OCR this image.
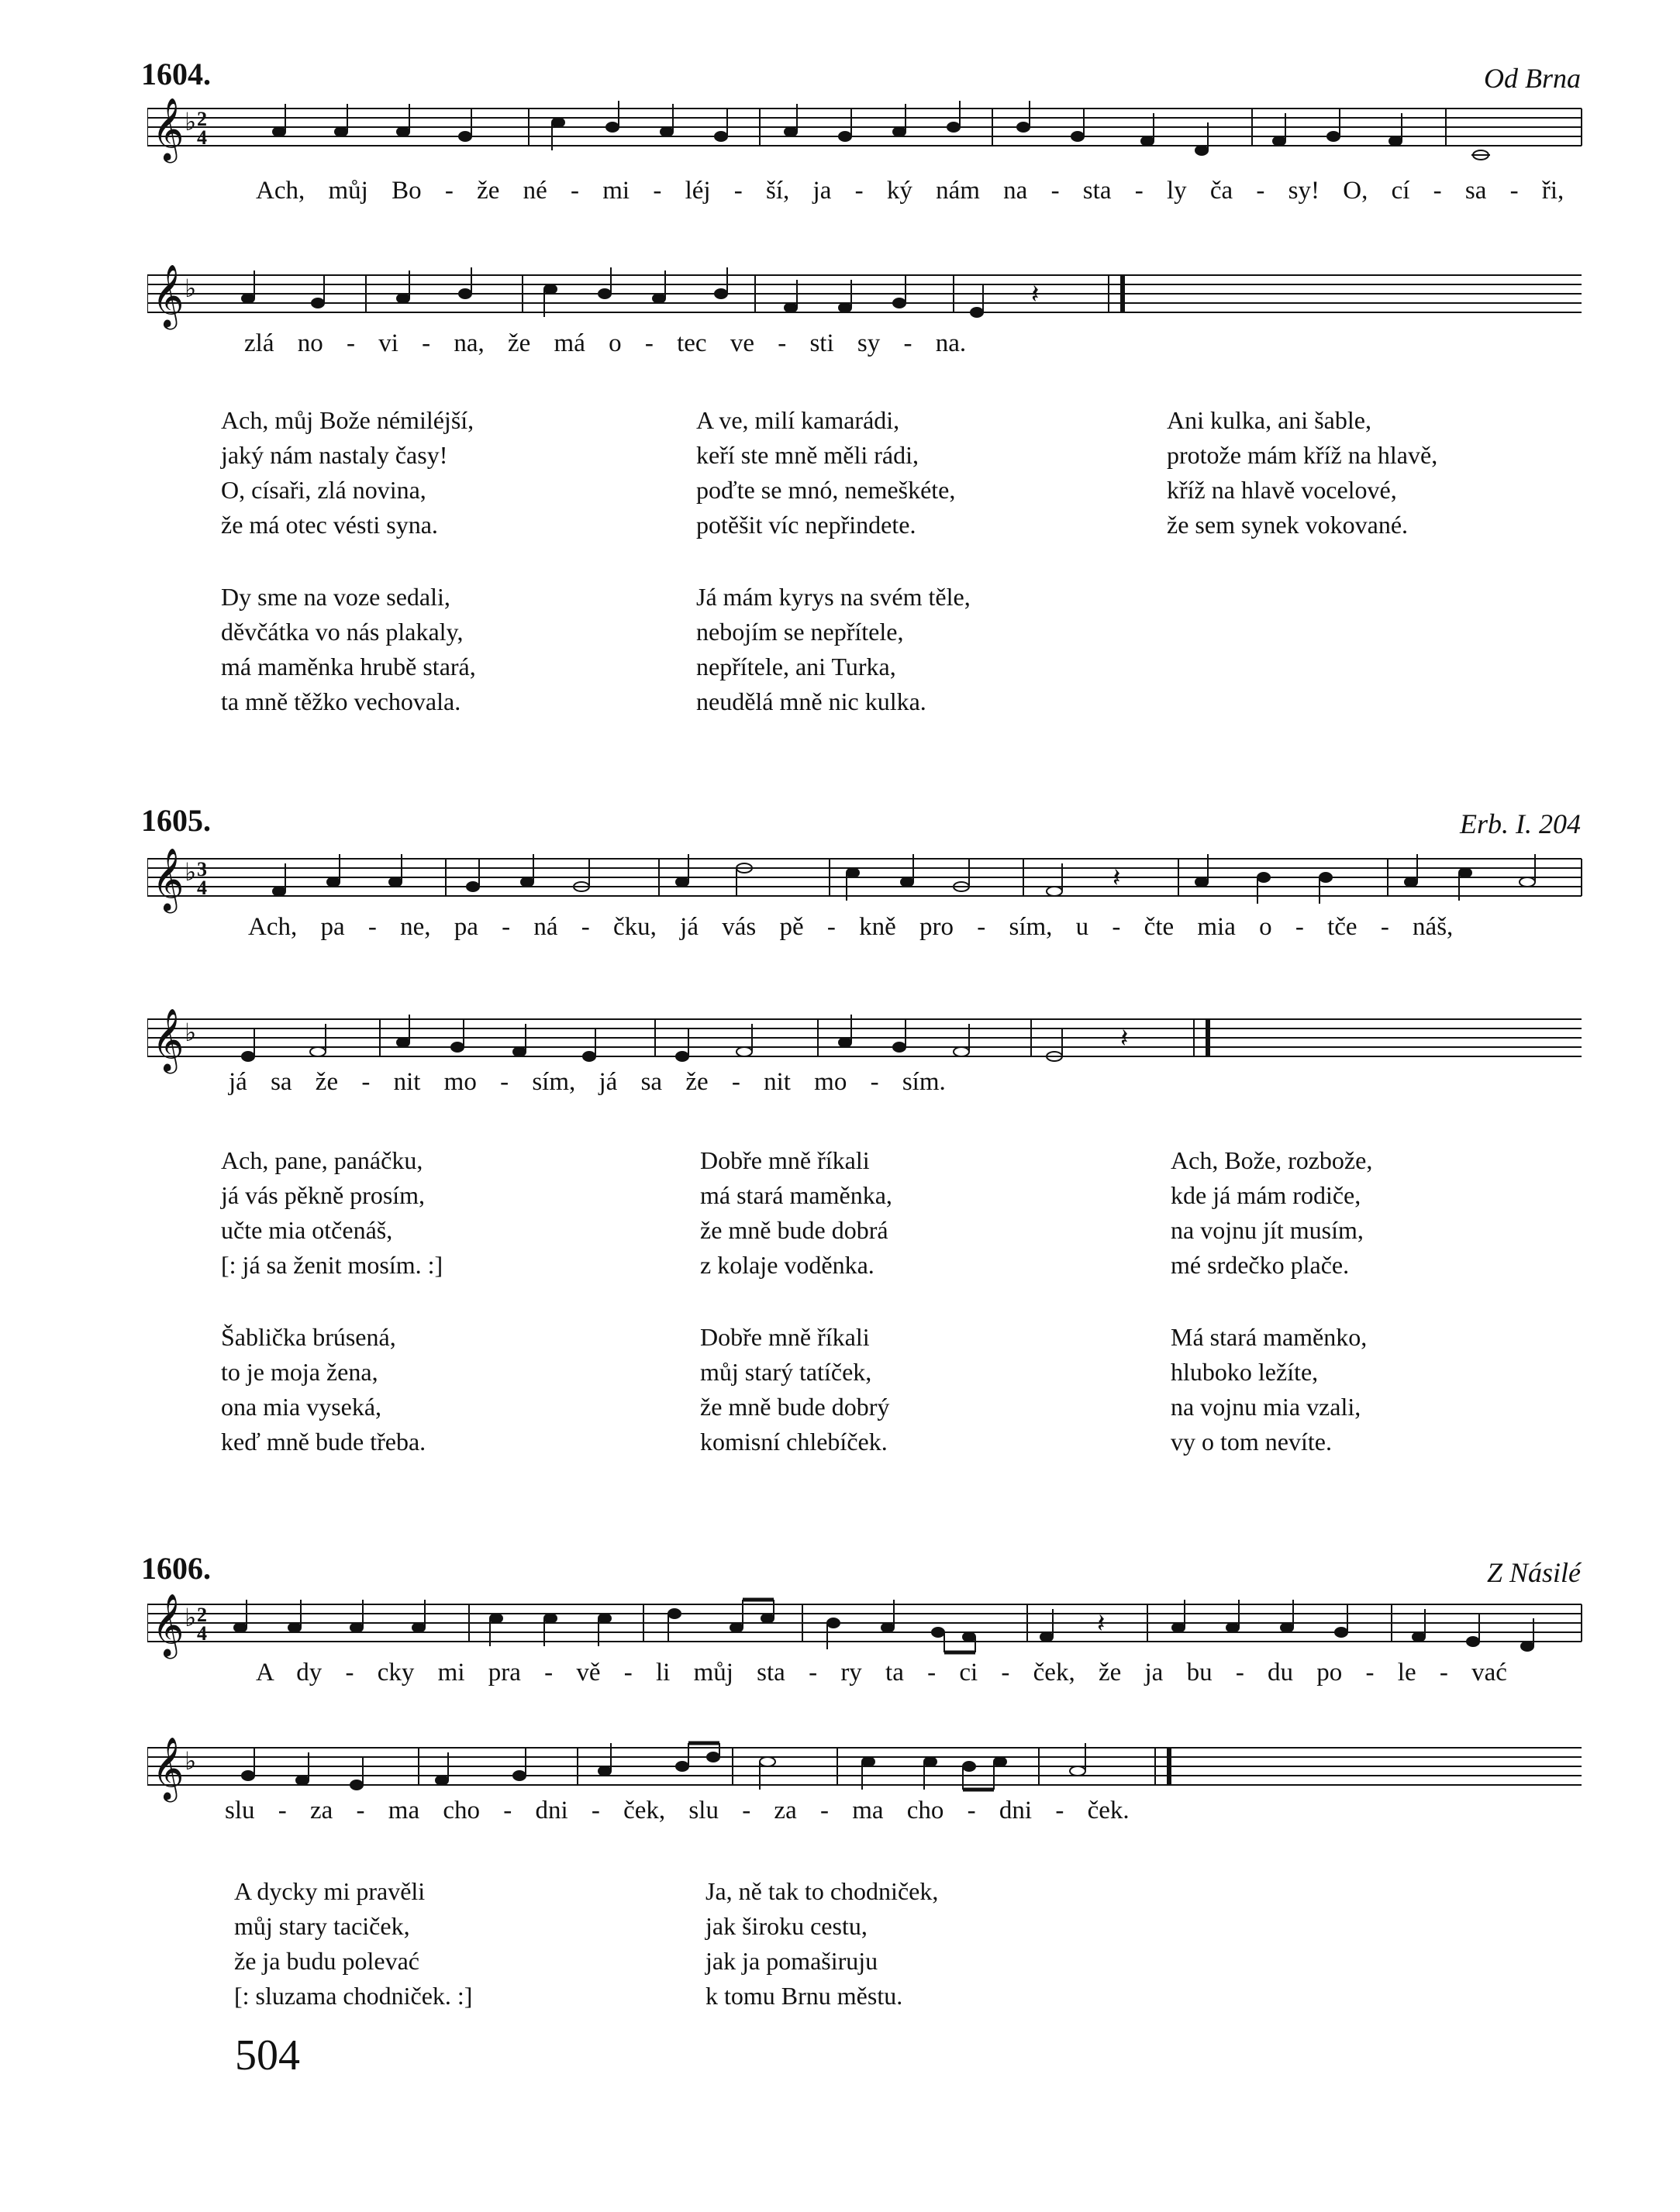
1604.	Od Brna
𝄞 ♭ 2
4
Ach, můj Bo - že né - mi - léj - ší, ja - ký nám na - sta - ly ča - sy! O, cí - sa - ři,
𝄞 ♭	𝄽
zlá no - vi - na, že má o - tec ve - sti sy - na.
Ach, můj Bože némiléjší,
jaký nám nastaly časy!
O, císaři, zlá novina,
že má otec vésti syna.
A ve, milí kamarádi,
keří ste mně měli rádi,
poďte se mnó, nemeškéte,
potěšit víc nepřindete.
Ani kulka, ani šable,
protože mám kříž na hlavě,
kříž na hlavě vocelové,
že sem synek vokované.
Dy sme na voze sedali,
děvčátka vo nás plakaly,
má maměnka hrubě stará,
ta mně těžko vechovala.
Já mám kyrys na svém těle,
nebojím se nepřítele,
nepřítele, ani Turka,
neudělá mně nic kulka.
1605.	Erb. I. 204
𝄞 ♭ 3
4	𝄽
Ach, pa - ne, pa - ná - čku, já vás pě - kně pro - sím, u - čte mia o - tče - náš,
𝄞 ♭	𝄽
já sa že - nit mo - sím, já sa že - nit mo - sím.
Ach, pane, panáčku,
já vás pěkně prosím,
učte mia otčenáš,
[: já sa ženit mosím. :]
Dobře mně říkali
má stará maměnka,
že mně bude dobrá
z kolaje voděnka.
Ach, Bože, rozbože,
kde já mám rodiče,
na vojnu jít musím,
mé srdečko plače.
Šablička brúsená,
to je moja žena,
ona mia vyseká,
keď mně bude třeba.
Dobře mně říkali
můj starý tatíček,
že mně bude dobrý
komisní chlebíček.
Má stará maměnko,
hluboko ležíte,
na vojnu mia vzali,
vy o tom nevíte.
1606.	Z Násilé
𝄞 ♭ 2
4	𝄽
A dy - cky mi pra - vě - li můj sta - ry ta - ci - ček, že ja bu - du po - le - vać
𝄞 ♭
slu - za - ma cho - dni - ček, slu - za - ma cho - dni - ček.
A dycky mi pravěli
můj stary taciček,
že ja budu polevać
[: sluzama chodniček. :]
Ja, ně tak to chodniček,
jak široku cestu,
jak ja pomaširuju
k tomu Brnu městu.
504
